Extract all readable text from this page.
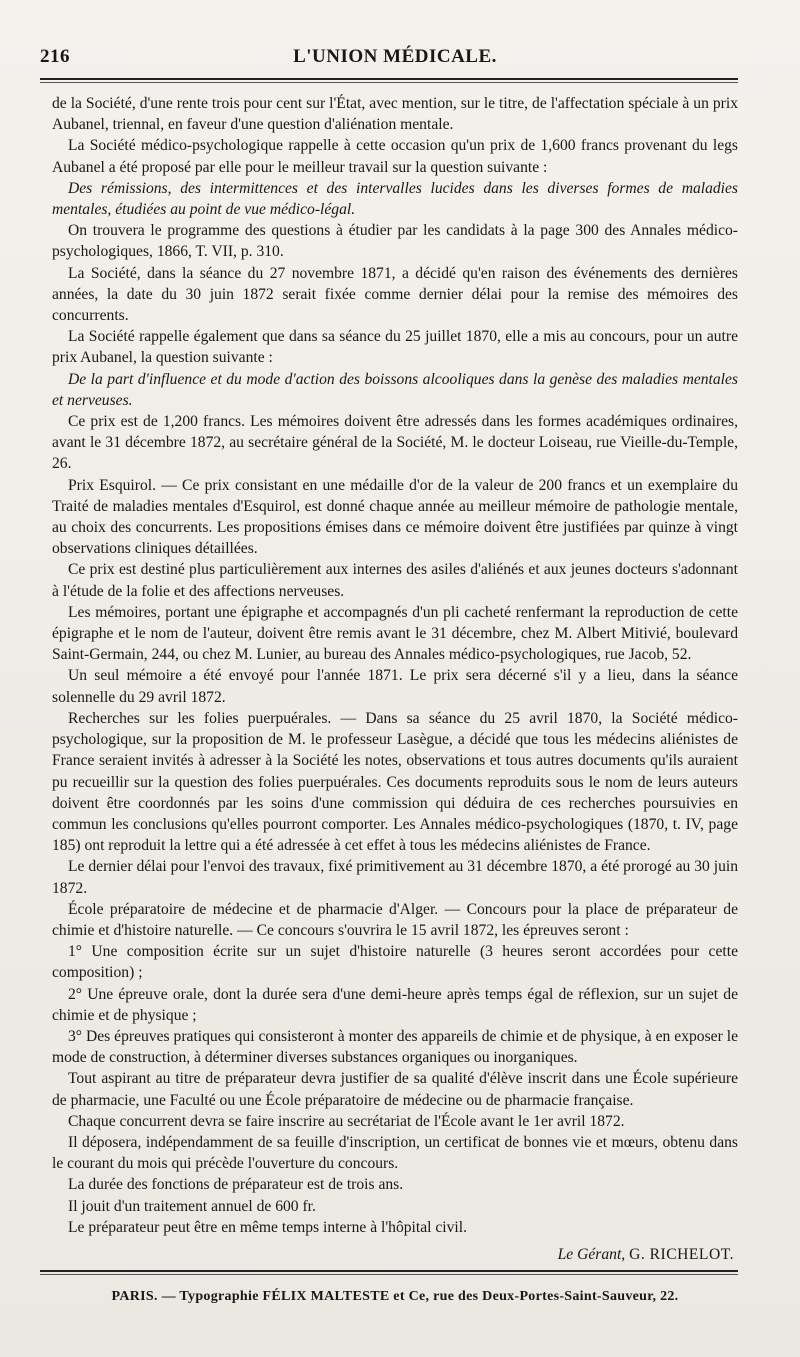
216	L'UNION MÉDICALE.

de la Société, d'une rente trois pour cent sur l'État, avec mention, sur le titre, de l'affectation spéciale à un prix Aubanel, triennal, en faveur d'une question d'aliénation mentale.

La Société médico-psychologique rappelle à cette occasion qu'un prix de 1,600 francs provenant du legs Aubanel a été proposé par elle pour le meilleur travail sur la question suivante :

Des rémissions, des intermittences et des intervalles lucides dans les diverses formes de maladies mentales, étudiées au point de vue médico-légal.

On trouvera le programme des questions à étudier par les candidats à la page 300 des Annales médico-psychologiques, 1866, T. VII, p. 310.

La Société, dans la séance du 27 novembre 1871, a décidé qu'en raison des événements des dernières années, la date du 30 juin 1872 serait fixée comme dernier délai pour la remise des mémoires des concurrents.

La Société rappelle également que dans sa séance du 25 juillet 1870, elle a mis au concours, pour un autre prix Aubanel, la question suivante :

De la part d'influence et du mode d'action des boissons alcooliques dans la genèse des maladies mentales et nerveuses.

Ce prix est de 1,200 francs. Les mémoires doivent être adressés dans les formes académiques ordinaires, avant le 31 décembre 1872, au secrétaire général de la Société, M. le docteur Loiseau, rue Vieille-du-Temple, 26.

Prix Esquirol. — Ce prix consistant en une médaille d'or de la valeur de 200 francs et un exemplaire du Traité de maladies mentales d'Esquirol, est donné chaque année au meilleur mémoire de pathologie mentale, au choix des concurrents. Les propositions émises dans ce mémoire doivent être justifiées par quinze à vingt observations cliniques détaillées.

Ce prix est destiné plus particulièrement aux internes des asiles d'aliénés et aux jeunes docteurs s'adonnant à l'étude de la folie et des affections nerveuses.

Les mémoires, portant une épigraphe et accompagnés d'un pli cacheté renfermant la reproduction de cette épigraphe et le nom de l'auteur, doivent être remis avant le 31 décembre, chez M. Albert Mitivié, boulevard Saint-Germain, 244, ou chez M. Lunier, au bureau des Annales médico-psychologiques, rue Jacob, 52.

Un seul mémoire a été envoyé pour l'année 1871. Le prix sera décerné s'il y a lieu, dans la séance solennelle du 29 avril 1872.

Recherches sur les folies puerpuérales. — Dans sa séance du 25 avril 1870, la Société médico-psychologique, sur la proposition de M. le professeur Lasègue, a décidé que tous les médecins aliénistes de France seraient invités à adresser à la Société les notes, observations et tous autres documents qu'ils auraient pu recueillir sur la question des folies puerpuérales. Ces documents reproduits sous le nom de leurs auteurs doivent être coordonnés par les soins d'une commission qui déduira de ces recherches poursuivies en commun les conclusions qu'elles pourront comporter. Les Annales médico-psychologiques (1870, t. IV, page 185) ont reproduit la lettre qui a été adressée à cet effet à tous les médecins aliénistes de France.

Le dernier délai pour l'envoi des travaux, fixé primitivement au 31 décembre 1870, a été prorogé au 30 juin 1872.

École préparatoire de médecine et de pharmacie d'Alger. — Concours pour la place de préparateur de chimie et d'histoire naturelle. — Ce concours s'ouvrira le 15 avril 1872, les épreuves seront :

1° Une composition écrite sur un sujet d'histoire naturelle (3 heures seront accordées pour cette composition) ;

2° Une épreuve orale, dont la durée sera d'une demi-heure après temps égal de réflexion, sur un sujet de chimie et de physique ;

3° Des épreuves pratiques qui consisteront à monter des appareils de chimie et de physique, à en exposer le mode de construction, à déterminer diverses substances organiques ou inorganiques.

Tout aspirant au titre de préparateur devra justifier de sa qualité d'élève inscrit dans une École supérieure de pharmacie, une Faculté ou une École préparatoire de médecine ou de pharmacie française.

Chaque concurrent devra se faire inscrire au secrétariat de l'École avant le 1er avril 1872.

Il déposera, indépendamment de sa feuille d'inscription, un certificat de bonnes vie et mœurs, obtenu dans le courant du mois qui précède l'ouverture du concours.

La durée des fonctions de préparateur est de trois ans.

Il jouit d'un traitement annuel de 600 fr.

Le préparateur peut être en même temps interne à l'hôpital civil.

Le Gérant, G. RICHELOT.
PARIS. — Typographie FÉLIX MALTESTE et Ce, rue des Deux-Portes-Saint-Sauveur, 22.
